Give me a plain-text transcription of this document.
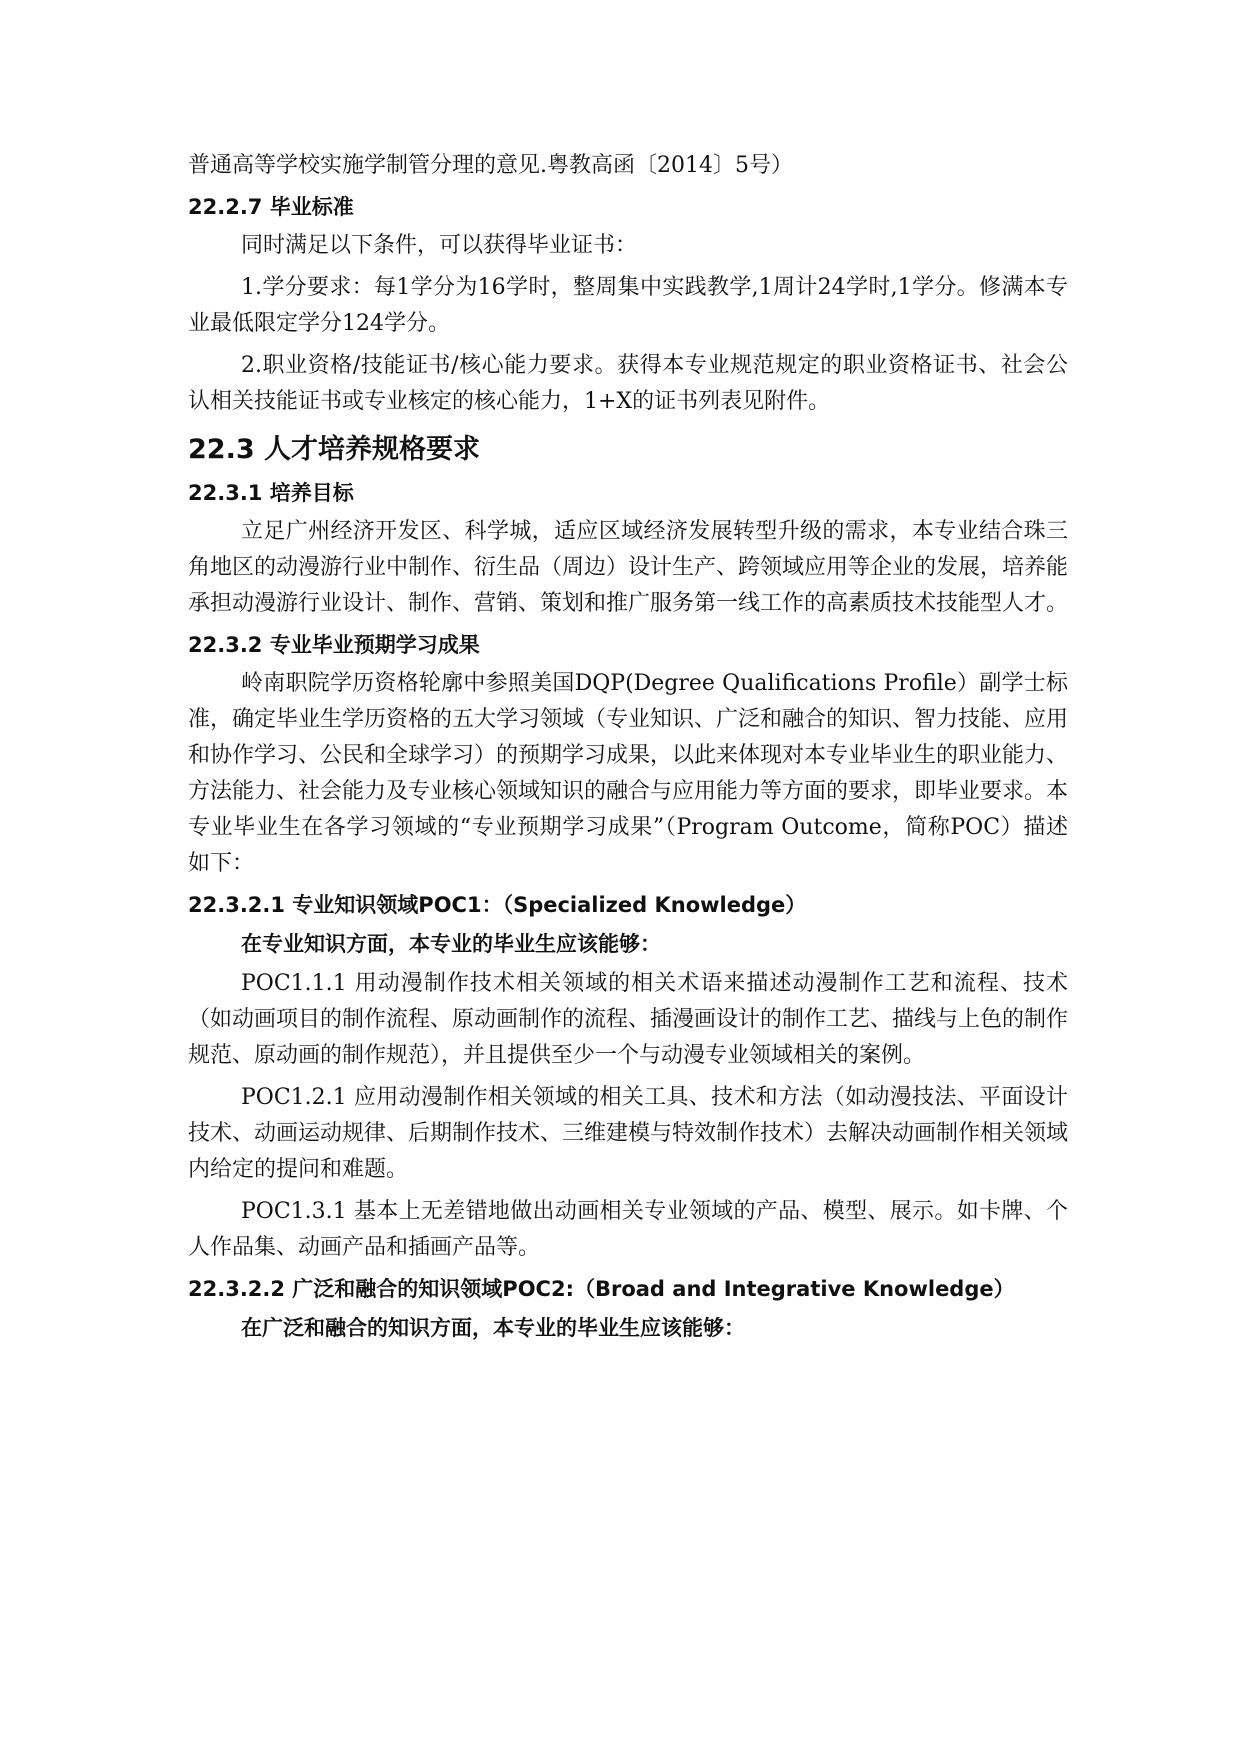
普通高等学校实施学制管分理的意见.粤教高函〔2014〕5号）

22.2.7 毕业标准

同时满足以下条件，可以获得毕业证书：

1.学分要求：每1学分为16学时，整周集中实践教学,1周计24学时,1学分。修满本专业最低限定学分124学分。

2.职业资格/技能证书/核心能力要求。获得本专业规范规定的职业资格证书、社会公认相关技能证书或专业核定的核心能力，1+X的证书列表见附件。

22.3 人才培养规格要求
22.3.1 培养目标

立足广州经济开发区、科学城，适应区域经济发展转型升级的需求，本专业结合珠三角地区的动漫游行业中制作、衍生品（周边）设计生产、跨领域应用等企业的发展，培养能承担动漫游行业设计、制作、营销、策划和推广服务第一线工作的高素质技术技能型人才。

22.3.2 专业毕业预期学习成果

岭南职院学历资格轮廓中参照美国DQP(Degree Qualifications Profile）副学士标准，确定毕业生学历资格的五大学习领域（专业知识、广泛和融合的知识、智力技能、应用和协作学习、公民和全球学习）的预期学习成果，以此来体现对本专业毕业生的职业能力、方法能力、社会能力及专业核心领域知识的融合与应用能力等方面的要求，即毕业要求。本专业毕业生在各学习领域的“专业预期学习成果”（Program Outcome，简称POC）描述如下：

22.3.2.1 专业知识领域POC1：（Specialized Knowledge）

在专业知识方面，本专业的毕业生应该能够：

POC1.1.1 用动漫制作技术相关领域的相关术语来描述动漫制作工艺和流程、技术（如动画项目的制作流程、原动画制作的流程、插漫画设计的制作工艺、描线与上色的制作规范、原动画的制作规范），并且提供至少一个与动漫专业领域相关的案例。

POC1.2.1 应用动漫制作相关领域的相关工具、技术和方法（如动漫技法、平面设计技术、动画运动规律、后期制作技术、三维建模与特效制作技术）去解决动画制作相关领域内给定的提问和难题。

POC1.3.1 基本上无差错地做出动画相关专业领域的产品、模型、展示。如卡牌、个人作品集、动画产品和插画产品等。

22.3.2.2 广泛和融合的知识领域POC2:（Broad and Integrative Knowledge）

在广泛和融合的知识方面，本专业的毕业生应该能够：
